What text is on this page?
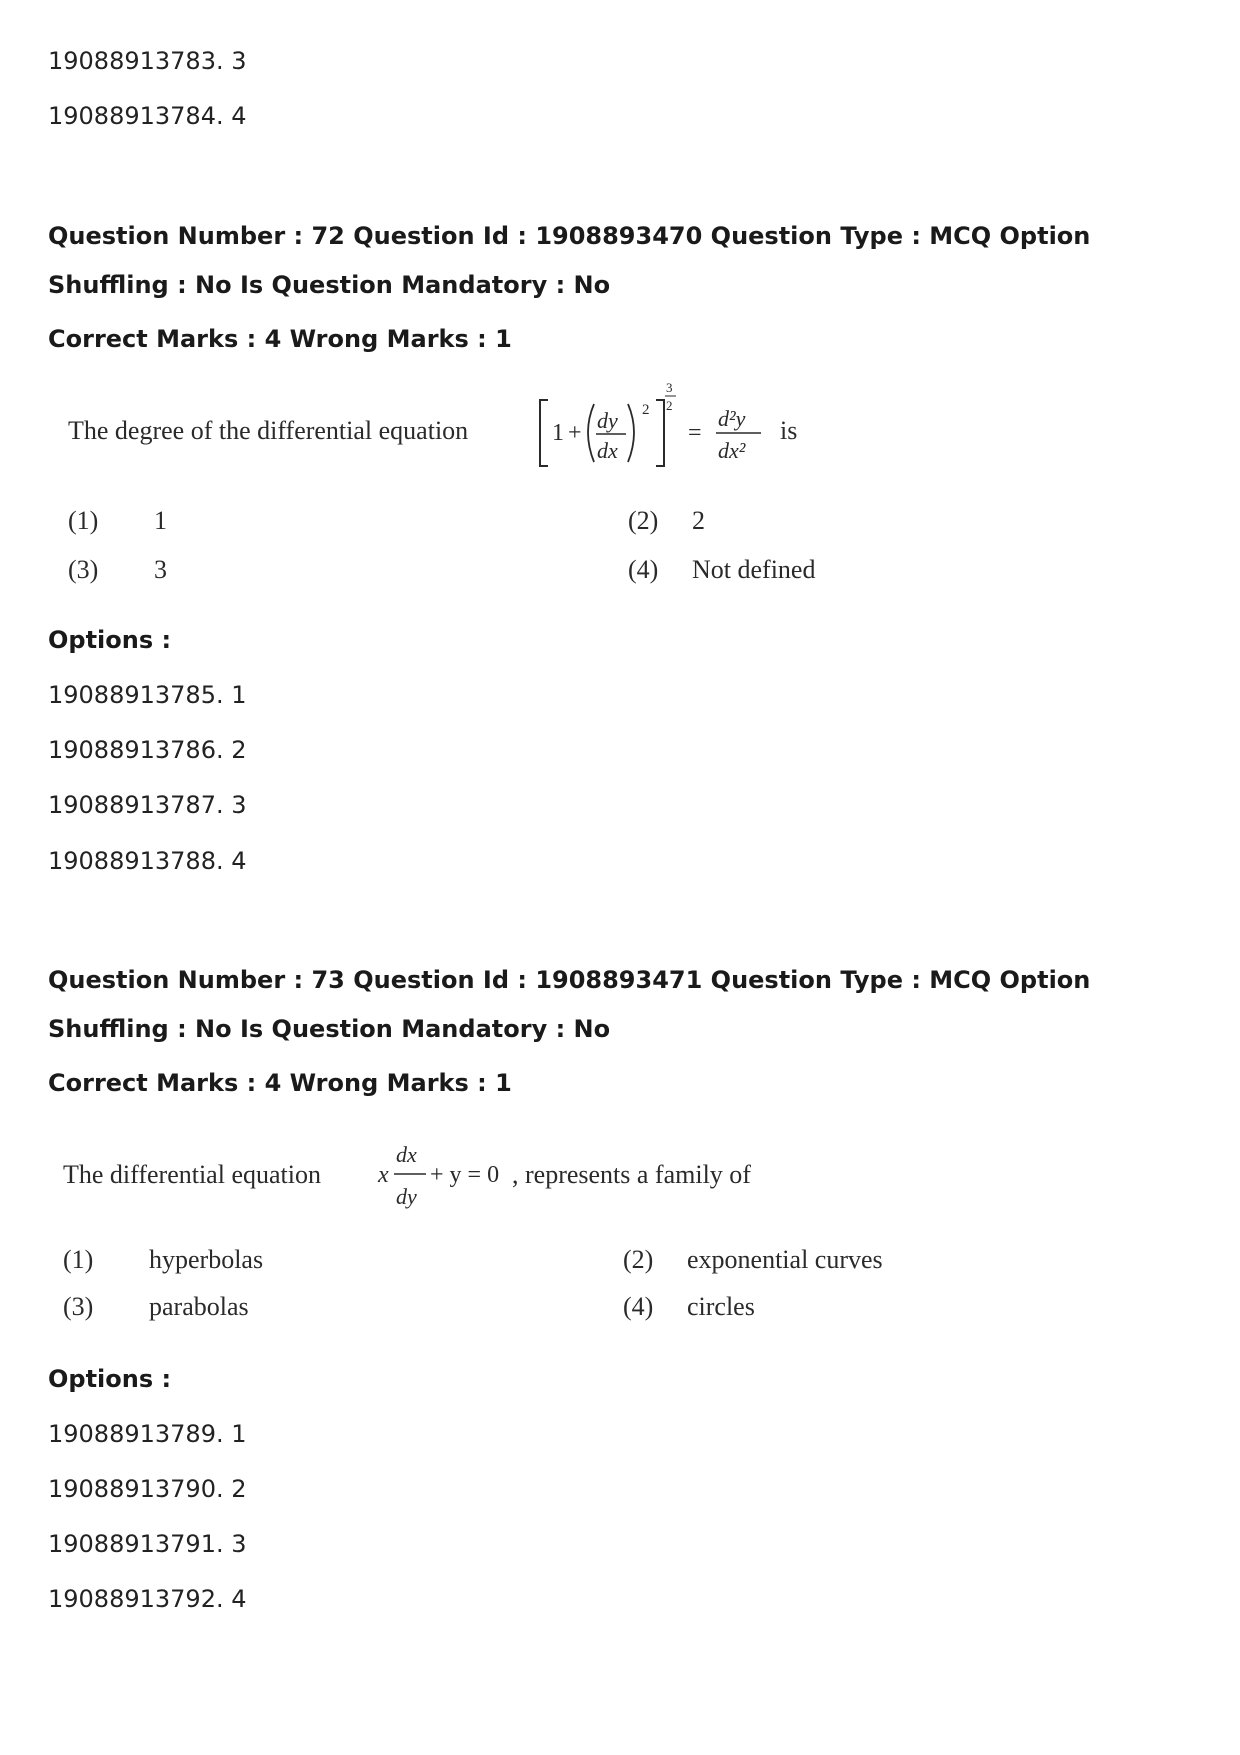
19088913783. 3
19088913784. 4
Question Number : 72 Question Id : 1908893470 Question Type : MCQ Option Shuffling : No Is Question Mandatory : No
Correct Marks : 4 Wrong Marks : 1
The degree of the differential equation	1 + dy
dx
2
3
2
=
d²y
dx²
is
(1) 1	(2) 2
(3) 3	(4) Not defined
Options :
19088913785. 1
19088913786. 2
19088913787. 3
19088913788. 4
Question Number : 73 Question Id : 1908893471 Question Type : MCQ Option Shuffling : No Is Question Mandatory : No
Correct Marks : 4 Wrong Marks : 1
The differential equation x
dx
dy
+ y = 0 , represents a family of
(1) hyperbolas	(2) exponential curves
(3) parabolas	(4) circles
Options :
19088913789. 1
19088913790. 2
19088913791. 3
19088913792. 4
